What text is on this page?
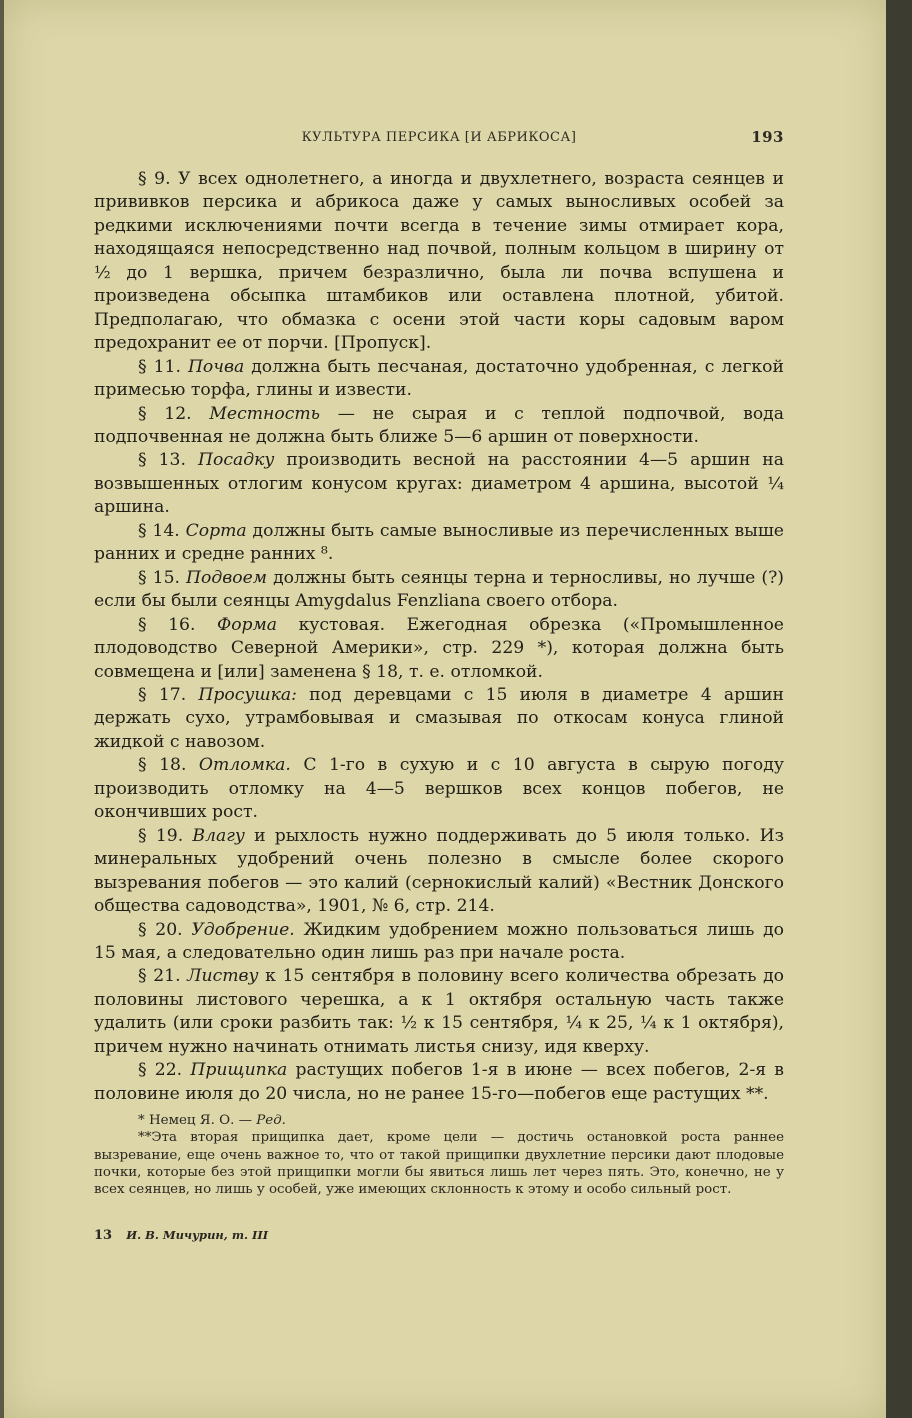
КУЛЬТУРА ПЕРСИКА [И АБРИКОСА]	193

§ 9. У всех однолетнего, а иногда и двухлетнего, возраста сеянцев и прививков персика и абрикоса даже у самых выносливых особей за редкими исключениями почти всегда в течение зимы отмирает кора, находящаяся непосредственно над почвой, полным кольцом в ширину от ½ до 1 вершка, причем безразлично, была ли почва вспушена и произведена обсыпка штамбиков или оставлена плотной, убитой. Предполагаю, что обмазка с осени этой части коры садовым варом предохранит ее от порчи. [Пропуск].

§ 11. Почва должна быть песчаная, достаточно удобренная, с легкой примесью торфа, глины и извести.

§ 12. Местность — не сырая и с теплой подпочвой, вода подпочвенная не должна быть ближе 5—6 аршин от поверхности.

§ 13. Посадку производить весной на расстоянии 4—5 аршин на возвышенных отлогим конусом кругах: диаметром 4 аршина, высотой ¼ аршина.

§ 14. Сорта должны быть самые выносливые из перечисленных выше ранних и средне ранних ⁸.

§ 15. Подвоем должны быть сеянцы терна и терносливы, но лучше (?) если бы были сеянцы Amygdalus Fenzliana своего отбора.

§ 16. Форма кустовая. Ежегодная обрезка («Промышленное плодоводство Северной Америки», стр. 229 *), которая должна быть совмещена и [или] заменена § 18, т. е. отломкой.

§ 17. Просушка: под деревцами с 15 июля в диаметре 4 аршин держать сухо, утрамбовывая и смазывая по откосам конуса глиной жидкой с навозом.

§ 18. Отломка. С 1-го в сухую и с 10 августа в сырую погоду производить отломку на 4—5 вершков всех концов побегов, не окончивших рост.

§ 19. Влагу и рыхлость нужно поддерживать до 5 июля только. Из минеральных удобрений очень полезно в смысле более скорого вызревания побегов — это калий (сернокислый калий) «Вестник Донского общества садоводства», 1901, № 6, стр. 214.

§ 20. Удобрение. Жидким удобрением можно пользоваться лишь до 15 мая, а следовательно один лишь раз при начале роста.

§ 21. Листву к 15 сентября в половину всего количества обрезать до половины листового черешка, а к 1 октября остальную часть также удалить (или сроки разбить так: ½ к 15 сентября, ¼ к 25, ¼ к 1 октября), причем нужно начинать отнимать листья снизу, идя кверху.

§ 22. Прищипка растущих побегов 1-я в июне — всех побегов, 2-я в половине июля до 20 числа, но не ранее 15-го—побегов еще растущих **.

* Немец Я. О. — Ред.

**Эта вторая прищипка дает, кроме цели — достичь остановкой роста раннее вызревание, еще очень важное то, что от такой прищипки двухлетние персики дают плодовые почки, которые без этой прищипки могли бы явиться лишь лет через пять. Это, конечно, не у всех сеянцев, но лишь у особей, уже имеющих склонность к этому и особо сильный рост.

13 И. В. Мичурин, т. III
